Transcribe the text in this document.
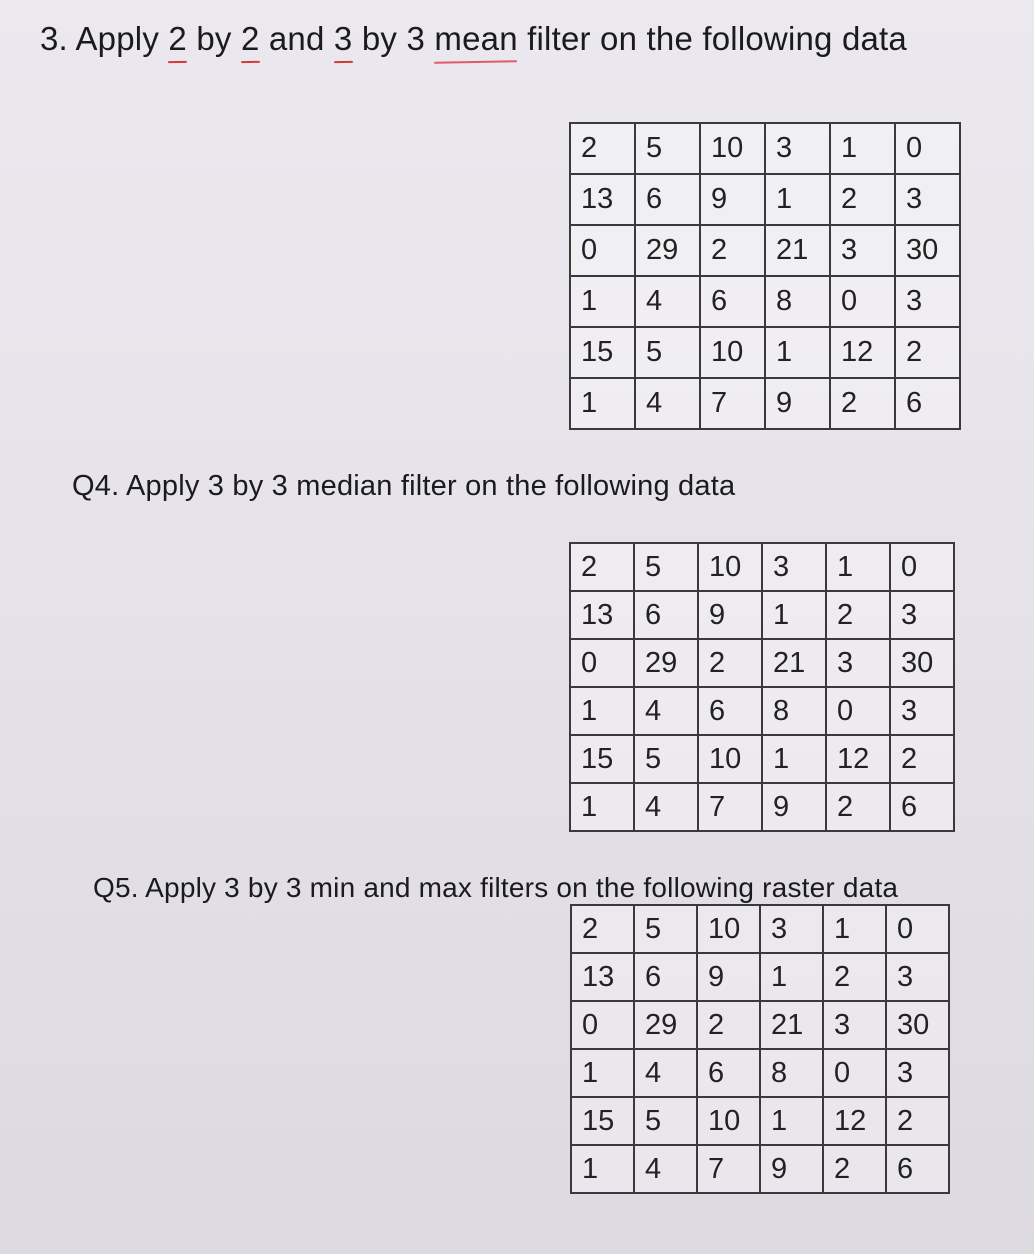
3. Apply 2 by 2 and 3 by 3 mean filter on the following data
2	5	10	3	1	0
13	6	9	1	2	3
0	29	2	21	3	30
1	4	6	8	0	3
15	5	10	1	12	2
1	4	7	9	2	6
Q4. Apply 3 by 3 median filter on the following data
2	5	10	3	1	0
13	6	9	1	2	3
0	29	2	21	3	30
1	4	6	8	0	3
15	5	10	1	12	2
1	4	7	9	2	6
Q5. Apply 3 by 3 min and max filters on the following raster data
2	5	10	3	1	0
13	6	9	1	2	3
0	29	2	21	3	30
1	4	6	8	0	3
15	5	10	1	12	2
1	4	7	9	2	6
